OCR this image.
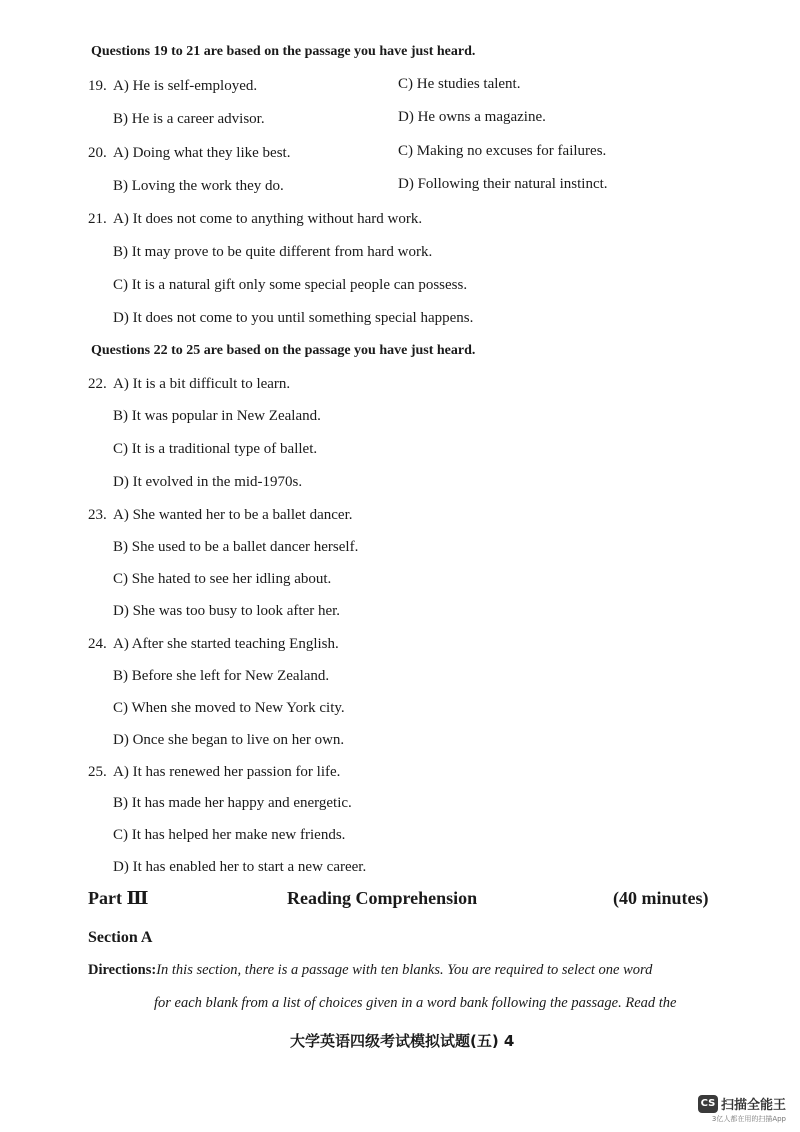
Questions 19 to 21 are based on the passage you have just heard.
19. A) He is self-employed.	C) He studies talent.
B) He is a career advisor.	D) He owns a magazine.
20. A) Doing what they like best.	C) Making no excuses for failures.
B) Loving the work they do.	D) Following their natural instinct.
21. A) It does not come to anything without hard work.
B) It may prove to be quite different from hard work.
C) It is a natural gift only some special people can possess.
D) It does not come to you until something special happens.
Questions 22 to 25 are based on the passage you have just heard.
22. A) It is a bit difficult to learn.
B) It was popular in New Zealand.
C) It is a traditional type of ballet.
D) It evolved in the mid-1970s.
23. A) She wanted her to be a ballet dancer.
B) She used to be a ballet dancer herself.
C) She hated to see her idling about.
D) She was too busy to look after her.
24. A) After she started teaching English.
B) Before she left for New Zealand.
C) When she moved to New York city.
D) Once she began to live on her own.
25. A) It has renewed her passion for life.
B) It has made her happy and energetic.
C) It has helped her make new friends.
D) It has enabled her to start a new career.
Part Ⅲ	Reading Comprehension	(40 minutes)
Section A
Directions:In this section, there is a passage with ten blanks. You are required to select one word
for each blank from a list of choices given in a word bank following the passage. Read the
大学英语四级考试模拟试题(五) 4
CS 扫描全能王
3亿人都在用的扫描App
